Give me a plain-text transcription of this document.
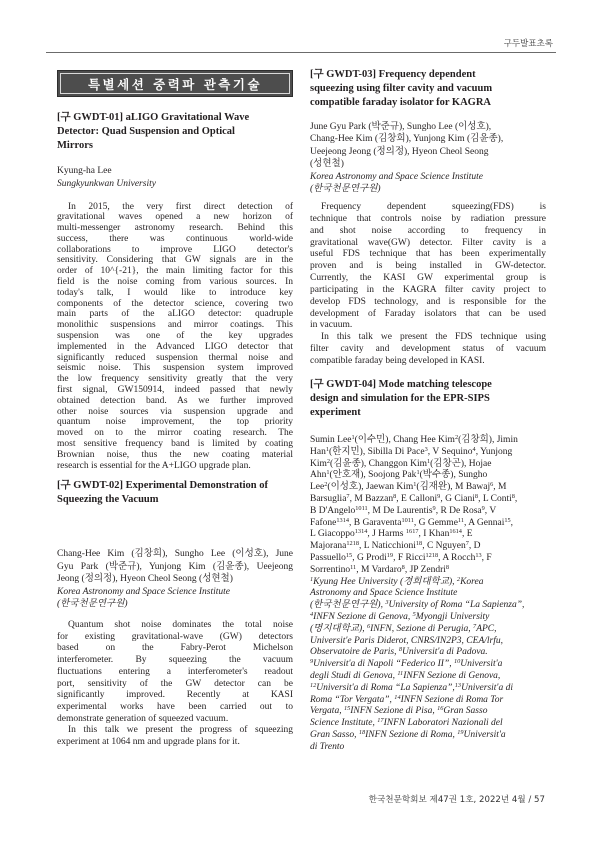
구두발표초록
특별세션 중력파 관측기술
[구 GWDT-01] aLIGO Gravitational Wave
Detector: Quad Suspension and Optical
Mirrors
Kyung-ha Lee
Sungkyunkwan University
In 2015, the very first direct detection of
gravitational waves opened a new horizon of
multi-messenger astronomy research. Behind this
success, there was continuous world-wide
collaborations to improve LIGO detector's
sensitivity. Considering that GW signals are in the
order of 10^{-21}, the main limiting factor for this
field is the noise coming from various sources. In
today's talk, I would like to introduce key
components of the detector science, covering two
main parts of the aLIGO detector: quadruple
monolithic suspensions and mirror coatings. This
suspension was one of the key upgrades
implemented in the Advanced LIGO detector that
significantly reduced suspension thermal noise and
seismic noise. This suspension system improved
the low frequency sensitivity greatly that the very
first signal, GW150914, indeed passed that newly
obtained detection band. As we further improved
other noise sources via suspension upgrade and
quantum noise improvement, the top priority
moved on to the mirror coating research. The
most sensitive frequency band is limited by coating
Brownian noise, thus the new coating material
research is essential for the A+LIGO upgrade plan.
[구 GWDT-02] Experimental Demonstration of
Squeezing the Vacuum
Chang-Hee Kim (김창희), Sungho Lee (이성호), June
Gyu Park (박준규), Yunjong Kim (김윤종), Ueejeong
Jeong (정의정), Hyeon Cheol Seong (성현철)
Korea Astronomy and Space Science Institute
(한국천문연구원)
Quantum shot noise dominates the total noise
for existing gravitational-wave (GW) detectors
based on the Fabry-Perot Michelson
interferometer. By squeezing the vacuum
fluctuations entering a interferometer's readout
port, sensitivity of the GW detector can be
significantly improved. Recently at KASI
experimental works have been carried out to
demonstrate generation of squeezed vacuum.
In this talk we present the progress of squeezing
experiment at 1064 nm and upgrade plans for it.
[구 GWDT-03] Frequency dependent
squeezing using filter cavity and vacuum
compatible faraday isolator for KAGRA
June Gyu Park (박준규), Sungho Lee (이성호),
Chang-Hee Kim (김창희), Yunjong Kim (김윤종),
Ueejeong Jeong (정의정), Hyeon Cheol Seong
(성현철)
Korea Astronomy and Space Science Institute
(한국천문연구원)
Frequency dependent squeezing(FDS) is
technique that controls noise by radiation pressure
and shot noise according to frequency in
gravitational wave(GW) detector. Filter cavity is a
useful FDS technique that has been experimentally
proven and is being installed in GW-detector.
Currently, the KASI GW experimental group is
participating in the KAGRA filter cavity project to
develop FDS technology, and is responsible for the
development of Faraday isolators that can be used
in vacuum.
In this talk we present the FDS technique using
filter cavity and development status of vacuum
compatible faraday being developed in KASI.
[구 GWDT-04] Mode matching telescope
design and simulation for the EPR-SIPS
experiment
Sumin Lee$^1$(이수민), Chang Hee Kim$^2$(김창희), Jimin
Han$^1$(한지민), Sibilla Di Pace$^3$, V Sequino$^4$, Yunjong
Kim$^2$(김윤종), Changgon Kim$^1$(김창곤), Hojae
Ahn$^1$(안호재), Soojong Pak$^1$(박수종), Sungho
Lee$^2$(이성호), Jaewan Kim$^1$(김재완), M Bawaj$^6$, M
Barsuglia$^7$, M Bazzan$^8$, E Calloni$^9$, G Ciani$^8$, L Conti$^8$,
B D'Angelo$^{1011}$, M De Laurentis$^9$, R De Rosa$^9$, V
Fafone$^{1314}$, B Garaventa$^{1011}$, G Gemme$^{11}$, A Gennai$^{15}$,
L Giacoppo$^{1314}$, J Harms $^{1617}$, I Khan$^{1614}$, E
Majorana$^{1218}$, L Naticchioni$^{18}$, C Nguyen$^7$, D
Passuello$^{15}$, G Prodi$^{19}$, F Ricci$^{1218}$, A Rocch$^{13}$, F
Sorrentino$^{11}$, M Vardaro$^8$, JP Zendri$^8$
$^1$Kyung Hee University (경희대학교), $^2$Korea
Astronomy and Space Science Institute
(한국천문연구원), $^3$University of Roma “La Sapienza”,
$^4$INFN Sezione di Genova, $^5$Myongji University
(명지대학교), $^6$INFN, Sezione di Perugia, $^7$APC,
Universit'e Paris Diderot, CNRS/IN2P3, CEA/lrfu,
Observatoire de Paris, $^8$Universit'a di Padova.
$^9$Universit'a di Napoli “Federico II”, $^{10}$Universit'a
degli Studi di Genova, $^{11}$INFN Sezione di Genova,
$^{12}$Universit'a di Roma “La Sapienza”,$^{13}$Universit'a di
Roma “Tor Vergata”, $^{14}$INFN Sezione di Roma Tor
Vergata, $^{15}$INFN Sezione di Pisa, $^{16}$Gran Sasso
Science Institute, $^{17}$INFN Laboratori Nazionali del
Gran Sasso, $^{18}$INFN Sezione di Roma, $^{19}$Universit'a
di Trento
한국천문학회보 제47권 1호, 2022년 4월 / 57
